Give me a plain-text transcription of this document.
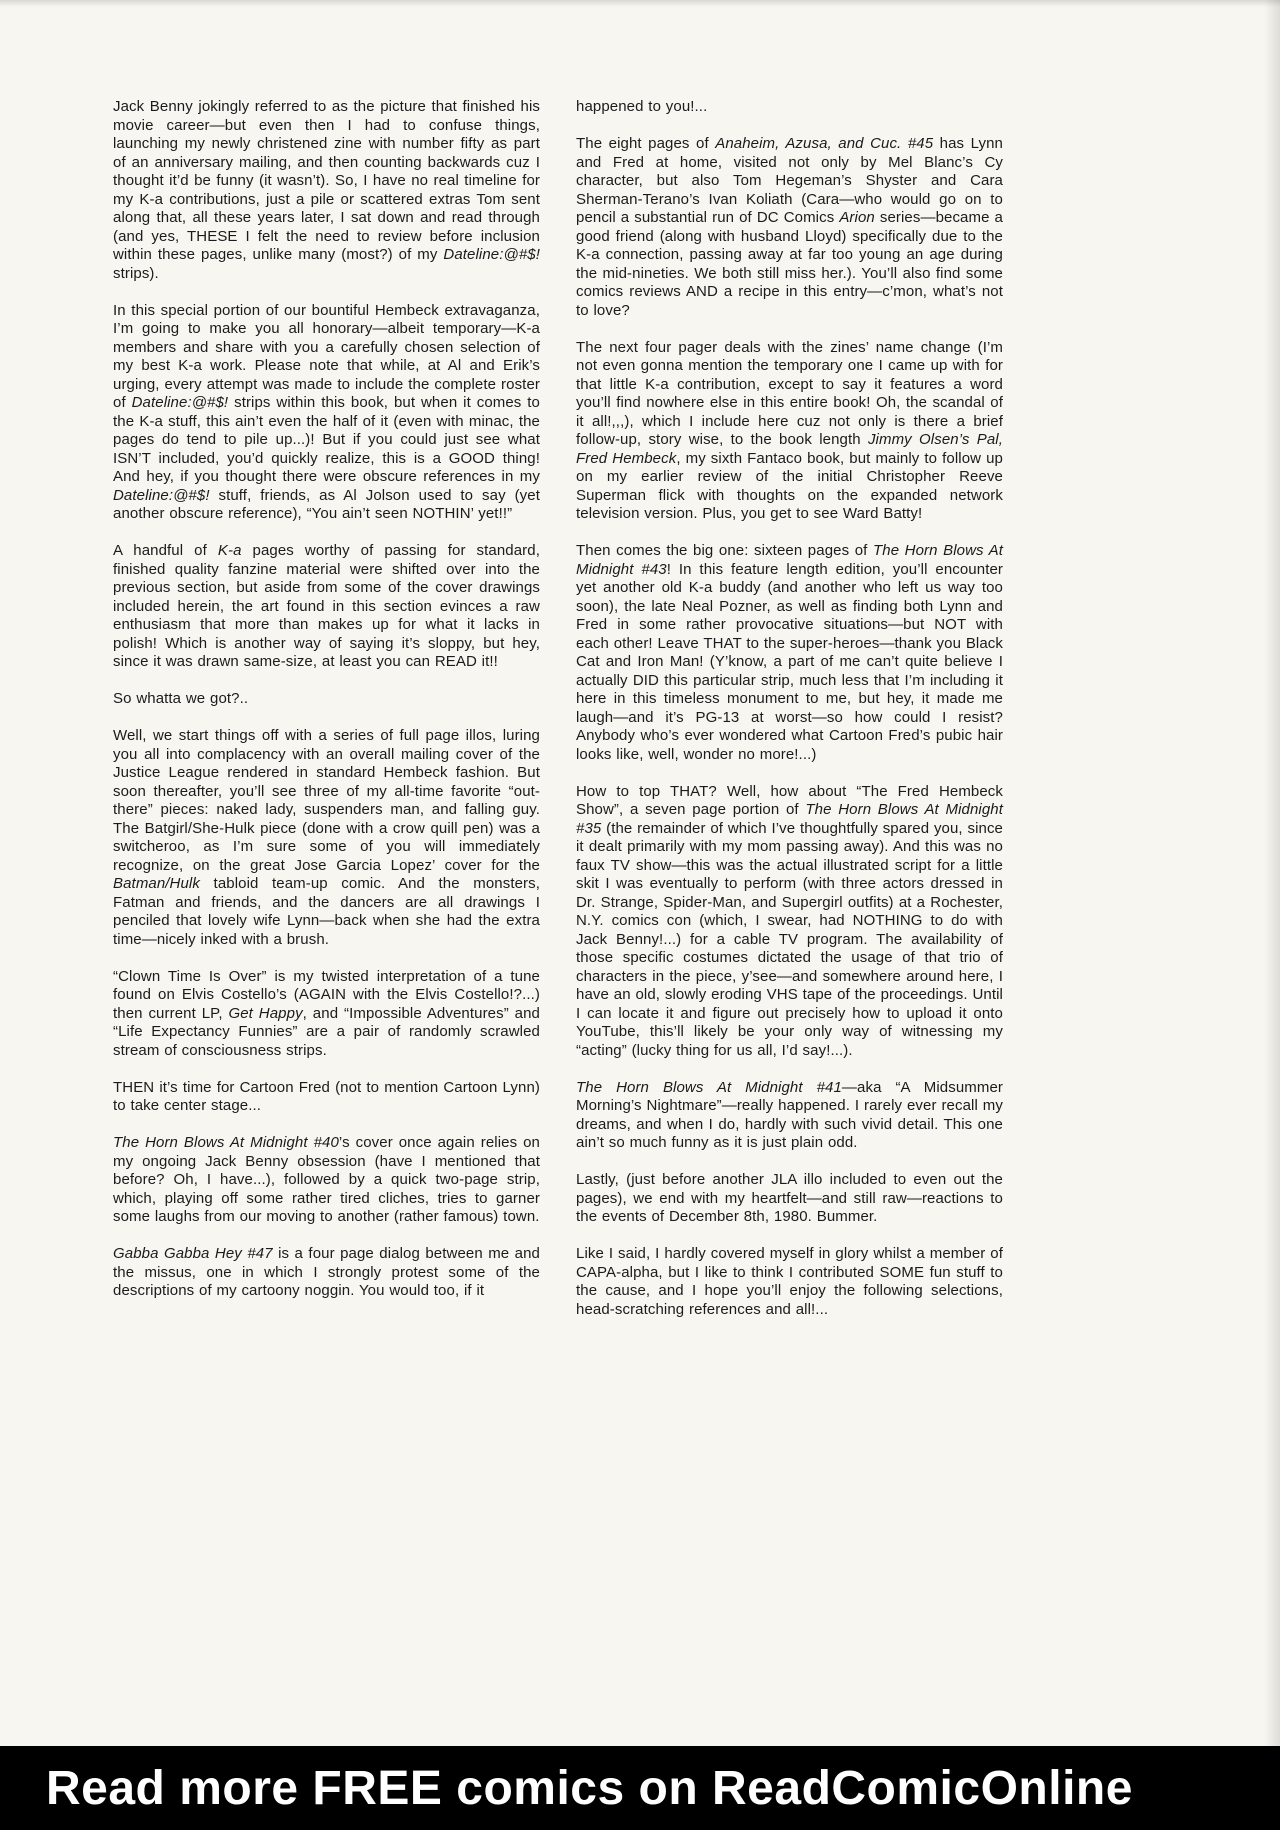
Jack Benny jokingly referred to as the picture that finished his movie career—but even then I had to confuse things, launching my newly christened zine with number fifty as part of an anniversary mailing, and then counting backwards cuz I thought it’d be funny (it wasn’t). So, I have no real timeline for my K-a contributions, just a pile or scattered extras Tom sent along that, all these years later, I sat down and read through (and yes, THESE I felt the need to review before inclusion within these pages, unlike many (most?) of my Dateline:@#$! strips).

In this special portion of our bountiful Hembeck extravaganza, I’m going to make you all honorary—albeit temporary—K-a members and share with you a carefully chosen selection of my best K-a work. Please note that while, at Al and Erik’s urging, every attempt was made to include the complete roster of Dateline:@#$! strips within this book, but when it comes to the K-a stuff, this ain’t even the half of it (even with minac, the pages do tend to pile up...)! But if you could just see what ISN’T included, you’d quickly realize, this is a GOOD thing! And hey, if you thought there were obscure references in my Dateline:@#$! stuff, friends, as Al Jolson used to say (yet another obscure reference), “You ain’t seen NOTHIN’ yet!!”

A handful of K-a pages worthy of passing for standard, finished quality fanzine material were shifted over into the previous section, but aside from some of the cover drawings included herein, the art found in this section evinces a raw enthusiasm that more than makes up for what it lacks in polish! Which is another way of saying it’s sloppy, but hey, since it was drawn same-size, at least you can READ it!!

So whatta we got?..

Well, we start things off with a series of full page illos, luring you all into complacency with an overall mailing cover of the Justice League rendered in standard Hembeck fashion. But soon thereafter, you’ll see three of my all-time favorite “out-there” pieces: naked lady, suspenders man, and falling guy. The Batgirl/She-Hulk piece (done with a crow quill pen) was a switcheroo, as I’m sure some of you will immediately recognize, on the great Jose Garcia Lopez’ cover for the Batman/Hulk tabloid team-up comic. And the monsters, Fatman and friends, and the dancers are all drawings I penciled that lovely wife Lynn—back when she had the extra time—nicely inked with a brush.

“Clown Time Is Over” is my twisted interpretation of a tune found on Elvis Costello’s (AGAIN with the Elvis Costello!?...) then current LP, Get Happy, and “Impossible Adventures” and “Life Expectancy Funnies” are a pair of randomly scrawled stream of consciousness strips.

THEN it’s time for Cartoon Fred (not to mention Cartoon Lynn) to take center stage...

The Horn Blows At Midnight #40’s cover once again relies on my ongoing Jack Benny obsession (have I mentioned that before? Oh, I have...), followed by a quick two-page strip, which, playing off some rather tired cliches, tries to garner some laughs from our moving to another (rather famous) town.

Gabba Gabba Hey #47 is a four page dialog between me and the missus, one in which I strongly protest some of the descriptions of my cartoony noggin. You would too, if it

happened to you!...

The eight pages of Anaheim, Azusa, and Cuc. #45 has Lynn and Fred at home, visited not only by Mel Blanc’s Cy character, but also Tom Hegeman’s Shyster and Cara Sherman-Terano’s Ivan Koliath (Cara—who would go on to pencil a substantial run of DC Comics Arion series—became a good friend (along with husband Lloyd) specifically due to the K-a connection, passing away at far too young an age during the mid-nineties. We both still miss her.). You’ll also find some comics reviews AND a recipe in this entry—c’mon, what’s not to love?

The next four pager deals with the zines’ name change (I’m not even gonna mention the temporary one I came up with for that little K-a contribution, except to say it features a word you’ll find nowhere else in this entire book! Oh, the scandal of it all!,,,), which I include here cuz not only is there a brief follow-up, story wise, to the book length Jimmy Olsen’s Pal, Fred Hembeck, my sixth Fantaco book, but mainly to follow up on my earlier review of the initial Christopher Reeve Superman flick with thoughts on the expanded network television version. Plus, you get to see Ward Batty!

Then comes the big one: sixteen pages of The Horn Blows At Midnight #43! In this feature length edition, you’ll encounter yet another old K-a buddy (and another who left us way too soon), the late Neal Pozner, as well as finding both Lynn and Fred in some rather provocative situations—but NOT with each other! Leave THAT to the super-heroes—thank you Black Cat and Iron Man! (Y’know, a part of me can’t quite believe I actually DID this particular strip, much less that I’m including it here in this timeless monument to me, but hey, it made me laugh—and it’s PG-13 at worst—so how could I resist? Anybody who’s ever wondered what Cartoon Fred’s pubic hair looks like, well, wonder no more!...)

How to top THAT? Well, how about “The Fred Hembeck Show”, a seven page portion of The Horn Blows At Midnight #35 (the remainder of which I’ve thoughtfully spared you, since it dealt primarily with my mom passing away). And this was no faux TV show—this was the actual illustrated script for a little skit I was eventually to perform (with three actors dressed in Dr. Strange, Spider-Man, and Supergirl outfits) at a Rochester, N.Y. comics con (which, I swear, had NOTHING to do with Jack Benny!...) for a cable TV program. The availability of those specific costumes dictated the usage of that trio of characters in the piece, y’see—and somewhere around here, I have an old, slowly eroding VHS tape of the proceedings. Until I can locate it and figure out precisely how to upload it onto YouTube, this’ll likely be your only way of witnessing my “acting” (lucky thing for us all, I’d say!...).

The Horn Blows At Midnight #41—aka “A Midsummer Morning’s Nightmare”—really happened. I rarely ever recall my dreams, and when I do, hardly with such vivid detail. This one ain’t so much funny as it is just plain odd.

Lastly, (just before another JLA illo included to even out the pages), we end with my heartfelt—and still raw—reactions to the events of December 8th, 1980. Bummer.

Like I said, I hardly covered myself in glory whilst a member of CAPA-alpha, but I like to think I contributed SOME fun stuff to the cause, and I hope you’ll enjoy the following selections, head-scratching references and all!...

Read more FREE comics on ReadComicOnline
